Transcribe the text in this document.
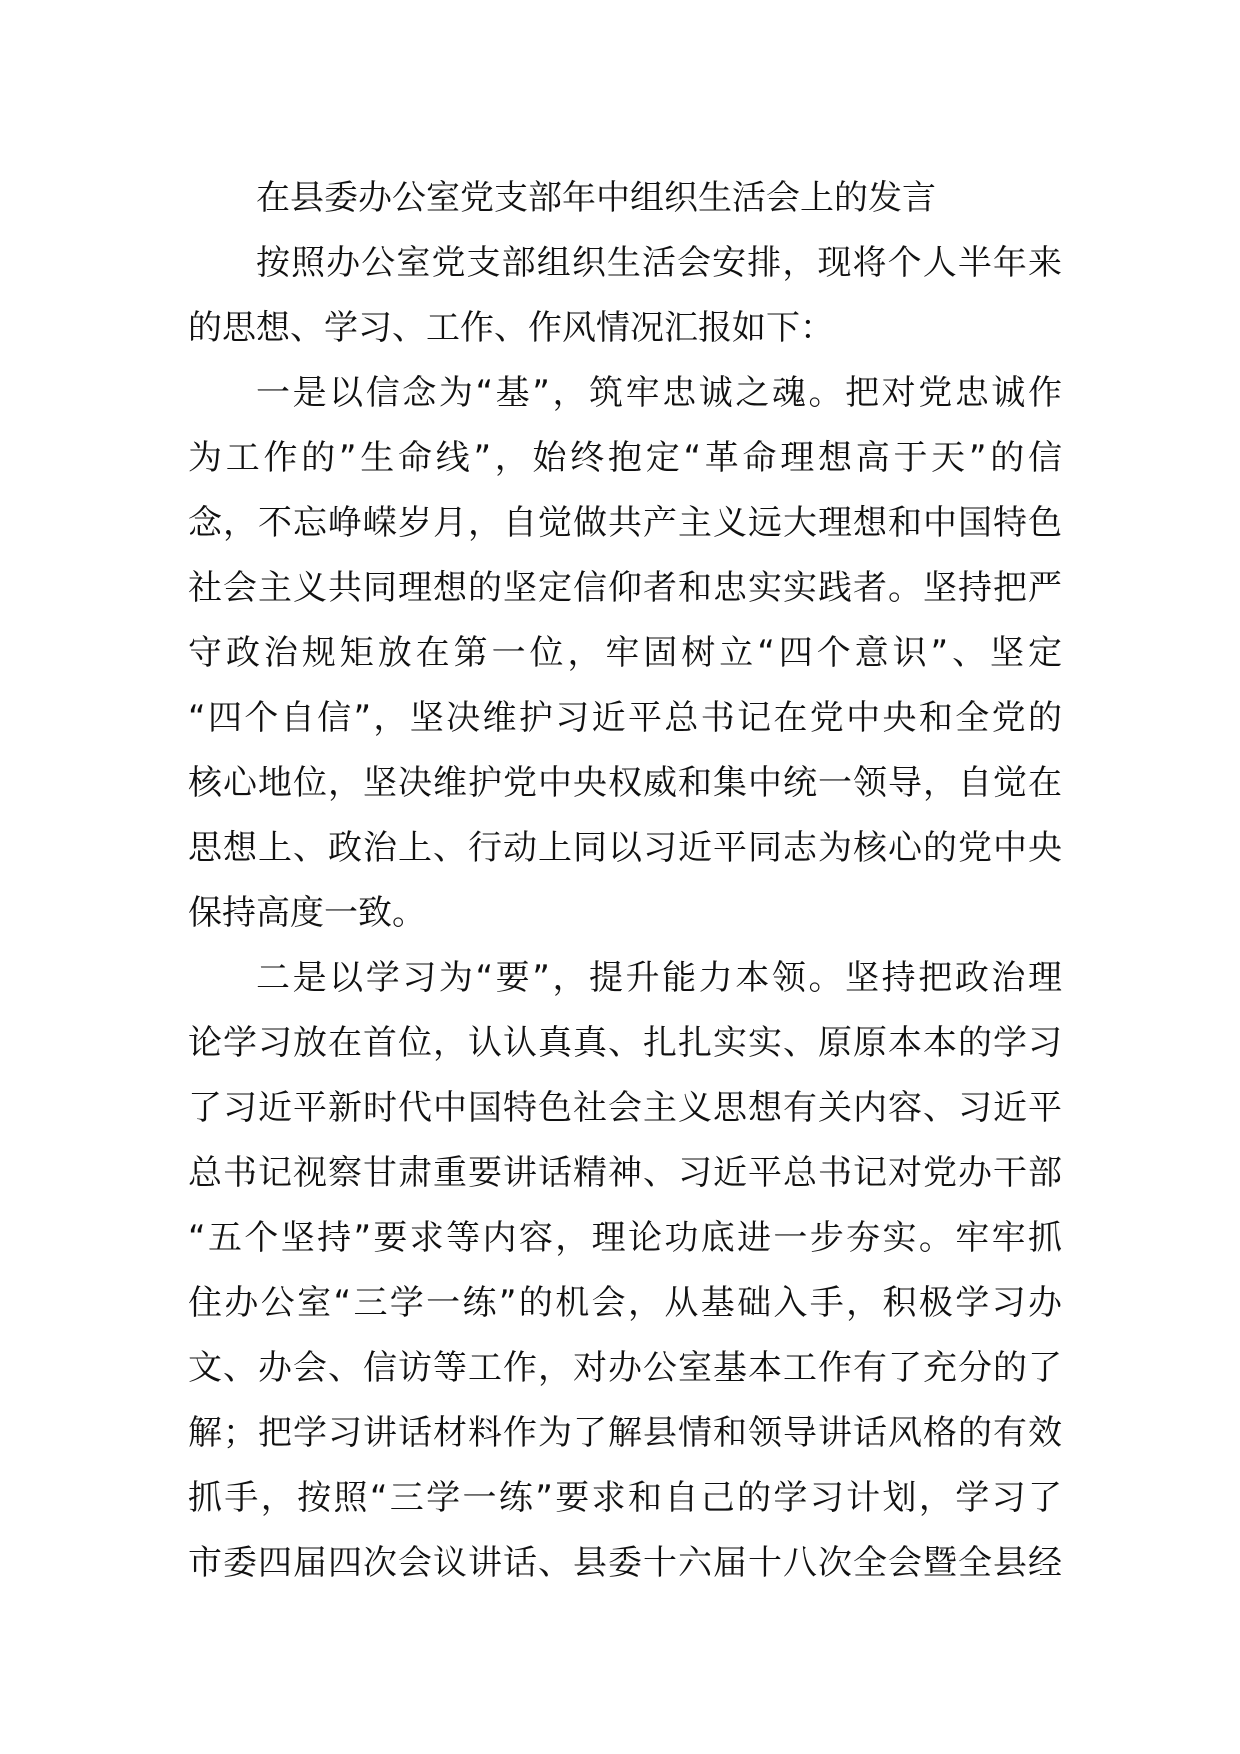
在县委办公室党支部年中组织生活会上的发言

按照办公室党支部组织生活会安排，现将个人半年来
的思想、学习、工作、作风情况汇报如下：

一是以信念为“基”，筑牢忠诚之魂。把对党忠诚作
为工作的”生命线”，始终抱定“革命理想高于天”的信
念，不忘峥嵘岁月，自觉做共产主义远大理想和中国特色
社会主义共同理想的坚定信仰者和忠实实践者。坚持把严
守政治规矩放在第一位，牢固树立“四个意识”、坚定
“四个自信”，坚决维护习近平总书记在党中央和全党的
核心地位，坚决维护党中央权威和集中统一领导，自觉在
思想上、政治上、行动上同以习近平同志为核心的党中央
保持高度一致。

二是以学习为“要”，提升能力本领。坚持把政治理
论学习放在首位，认认真真、扎扎实实、原原本本的学习
了习近平新时代中国特色社会主义思想有关内容、习近平
总书记视察甘肃重要讲话精神、习近平总书记对党办干部
“五个坚持”要求等内容，理论功底进一步夯实。牢牢抓
住办公室“三学一练”的机会，从基础入手，积极学习办
文、办会、信访等工作，对办公室基本工作有了充分的了
解；把学习讲话材料作为了解县情和领导讲话风格的有效
抓手，按照“三学一练”要求和自己的学习计划，学习了
市委四届四次会议讲话、县委十六届十八次全会暨全县经
